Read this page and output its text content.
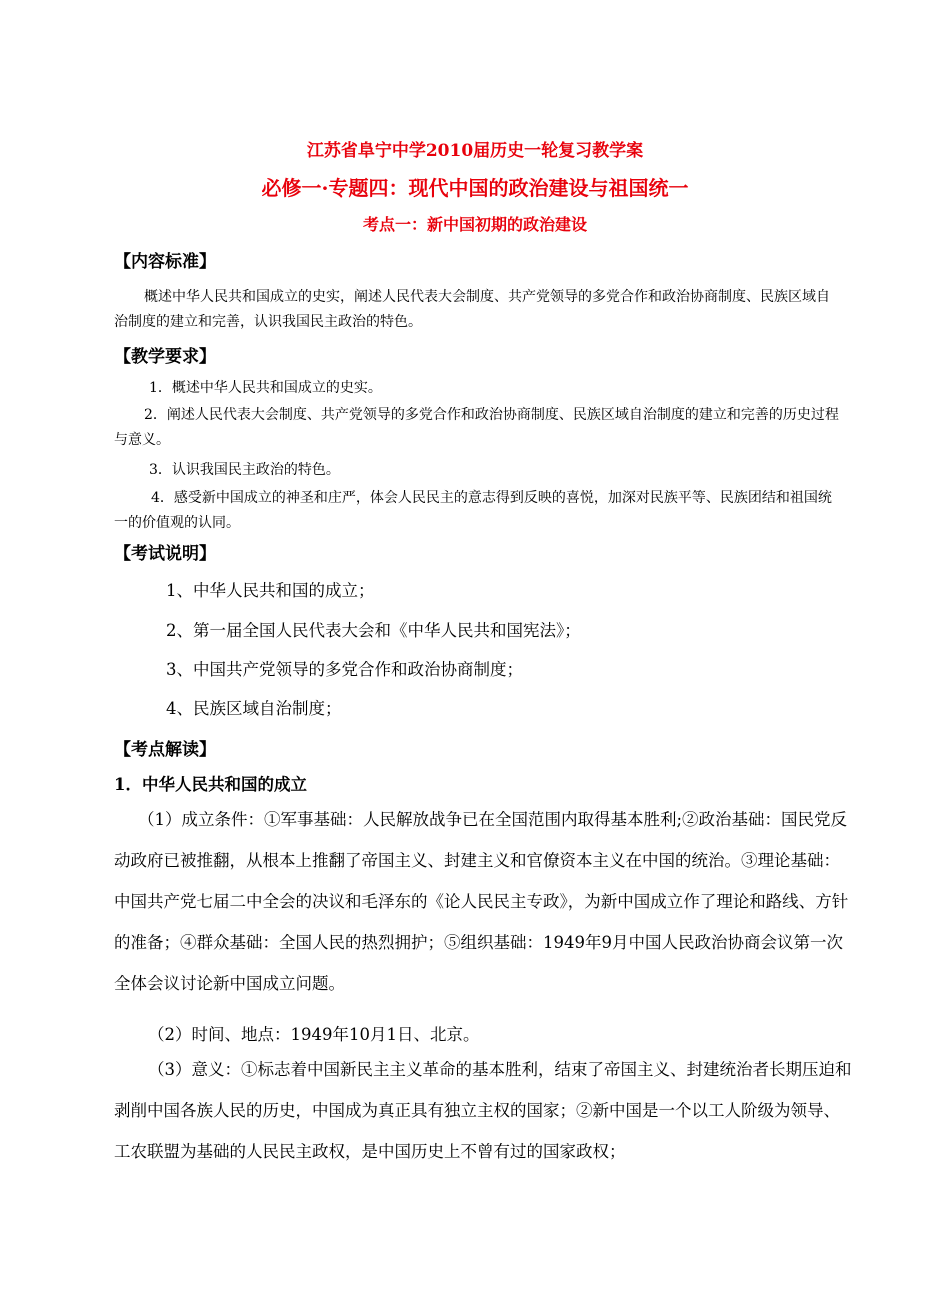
江苏省阜宁中学2010届历史一轮复习教学案

必修一·专题四：现代中国的政治建设与祖国统一

考点一：新中国初期的政治建设

【内容标准】

概述中华人民共和国成立的史实，阐述人民代表大会制度、共产党领导的多党合作和政治协商制度、民族区域自治制度的建立和完善，认识我国民主政治的特色。

【教学要求】

1．概述中华人民共和国成立的史实。

2．阐述人民代表大会制度、共产党领导的多党合作和政治协商制度、民族区域自治制度的建立和完善的历史过程与意义。

3．认识我国民主政治的特色。

4．感受新中国成立的神圣和庄严，体会人民民主的意志得到反映的喜悦，加深对民族平等、民族团结和祖国统一的价值观的认同。

【考试说明】

1、中华人民共和国的成立；

2、第一届全国人民代表大会和《中华人民共和国宪法》；

3、中国共产党领导的多党合作和政治协商制度；

4、民族区域自治制度；

【考点解读】

1．中华人民共和国的成立

（1）成立条件：①军事基础：人民解放战争已在全国范围内取得基本胜利;②政治基础：国民党反动政府已被推翻，从根本上推翻了帝国主义、封建主义和官僚资本主义在中国的统治。③理论基础：中国共产党七届二中全会的决议和毛泽东的《论人民民主专政》，为新中国成立作了理论和路线、方针的准备；④群众基础：全国人民的热烈拥护；⑤组织基础：1949年9月中国人民政治协商会议第一次全体会议讨论新中国成立问题。

（2）时间、地点：1949年10月1日、北京。

（3）意义：①标志着中国新民主主义革命的基本胜利，结束了帝国主义、封建统治者长期压迫和剥削中国各族人民的历史，中国成为真正具有独立主权的国家；②新中国是一个以工人阶级为领导、工农联盟为基础的人民民主政权，是中国历史上不曾有过的国家政权；
